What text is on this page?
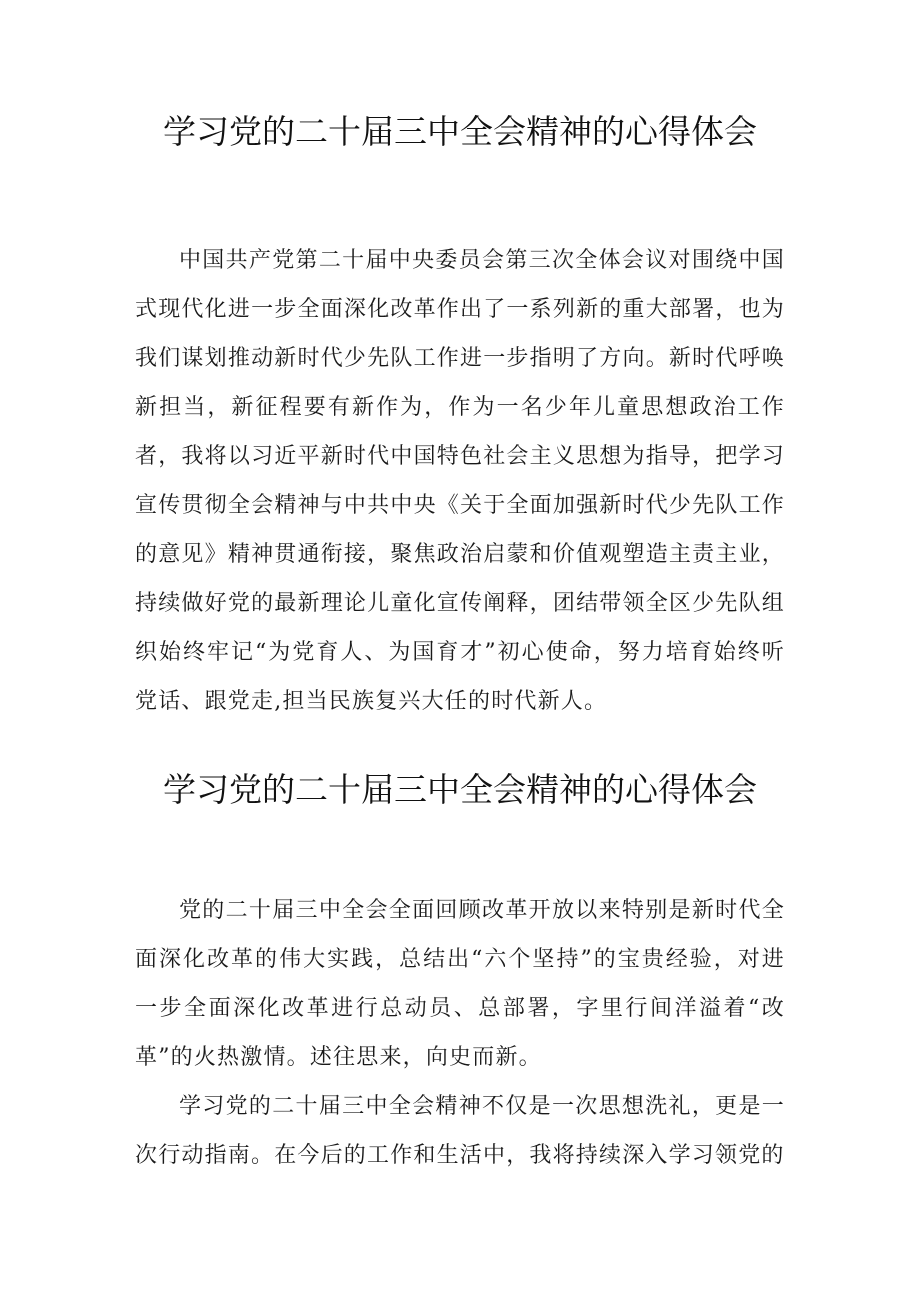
学习党的二十届三中全会精神的心得体会

中国共产党第二十届中央委员会第三次全体会议对围绕中国式现代化进一步全面深化改革作出了一系列新的重大部署，也为我们谋划推动新时代少先队工作进一步指明了方向。新时代呼唤新担当，新征程要有新作为，作为一名少年儿童思想政治工作者，我将以习近平新时代中国特色社会主义思想为指导，把学习宣传贯彻全会精神与中共中央《关于全面加强新时代少先队工作的意见》精神贯通衔接，聚焦政治启蒙和价值观塑造主责主业，持续做好党的最新理论儿童化宣传阐释，团结带领全区少先队组织始终牢记“为党育人、为国育才”初心使命，努力培育始终听党话、跟党走,担当民族复兴大任的时代新人。

学习党的二十届三中全会精神的心得体会

党的二十届三中全会全面回顾改革开放以来特别是新时代全面深化改革的伟大实践，总结出“六个坚持”的宝贵经验，对进一步全面深化改革进行总动员、总部署，字里行间洋溢着“改革”的火热激情。述往思来，向史而新。

学习党的二十届三中全会精神不仅是一次思想洗礼，更是一次行动指南。在今后的工作和生活中，我将持续深入学习领党的
